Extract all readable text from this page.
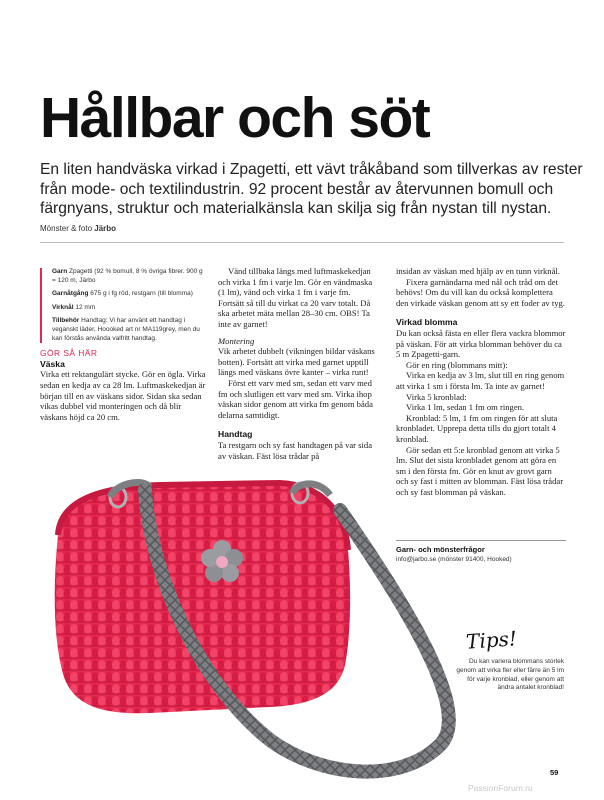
Hållbar och söt

En liten handväska virkad i Zpagetti, ett vävt tråkåband som tillverkas av rester från mode- och textilindustrin. 92 procent består av återvunnen bomull och färgnyans, struktur och materialkänsla kan skilja sig från nystan till nystan.

Mönster & foto Järbo

Garn Zpagetti (92 % bomull, 8 % övriga fibrer. 900 g = 120 m, Järbo

Garnåtgång 675 g i fg röd, restgarn (till blomma)

Virknål 12 mm

Tillbehör Handtag: Vi har använt ett handtag i veganskt läder, Hoooked art nr MA119grey, men du kan förstås använda valfritt handtag.

GÖR SÅ HÄR

Väska

Virka ett rektangulärt stycke. Gör en ögla. Virka sedan en kedja av ca 28 lm. Luftmaskekedjan är början till en av väskans sidor. Sidan ska sedan vikas dubbel vid monteringen och då blir väskans höjd ca 20 cm.

Vänd tillbaka längs med luftmaskekedjan och virka 1 fm i varje lm. Gör en vändmaska (1 lm), vänd och virka 1 fm i varje fm. Fortsätt så till du virkat ca 20 varv totalt. Då ska arbetet mäta mellan 28–30 cm. OBS! Ta inte av garnet!

Montering

Vik arbetet dubbelt (vikningen bildar väskans botten). Fortsätt att virka med garnet upptill längs med väskans övre kanter – virka runt!

Först ett varv med sm, sedan ett varv med fm och slutligen ett varv med sm. Virka ihop väskan sidor genom att virka fm genom båda delarna samtidigt.

Handtag

Ta restgarn och sy fast handtagen på var sida av väskan. Fäst lösa trådar på

insidan av väskan med hjälp av en tunn virknål.

Fixera garnändarna med nål och tråd om det behövs! Om du vill kan du också komplettera den virkade väskan genom att sy ett foder av tyg.

Virkad blomma

Du kan också fästa en eller flera vackra blommor på väskan. För att virka blomman behöver du ca 5 m Zpagetti-garn.

Gör en ring (blommans mitt):

Virka en kedja av 3 lm, slut till en ring genom att virka 1 sm i första lm. Ta inte av garnet!

Virka 5 kronblad:

Virka 1 lm, sedan 1 fm om ringen.

Kronblad: 5 lm, 1 fm om ringen för att sluta kronbladet. Upprepa detta tills du gjort totalt 4 kronblad.

Gör sedan ett 5:e kronblad genom att virka 5 lm. Slut det sista kronbladet genom att göra en sm i den första fm. Gör en knut av grovt garn och sy fast i mitten av blomman. Fäst lösa trådar och sy fast blomman på väskan.

Garn- och mönsterfrågor

info@jarbo.se (mönster 91400, Hooked)

Tips!

Du kan variera blommans storlek genom att virka fler eller färre än 5 lm för varje kronblad, eller genom att ändra antalet kronblad!

59

PassionForum.ru
